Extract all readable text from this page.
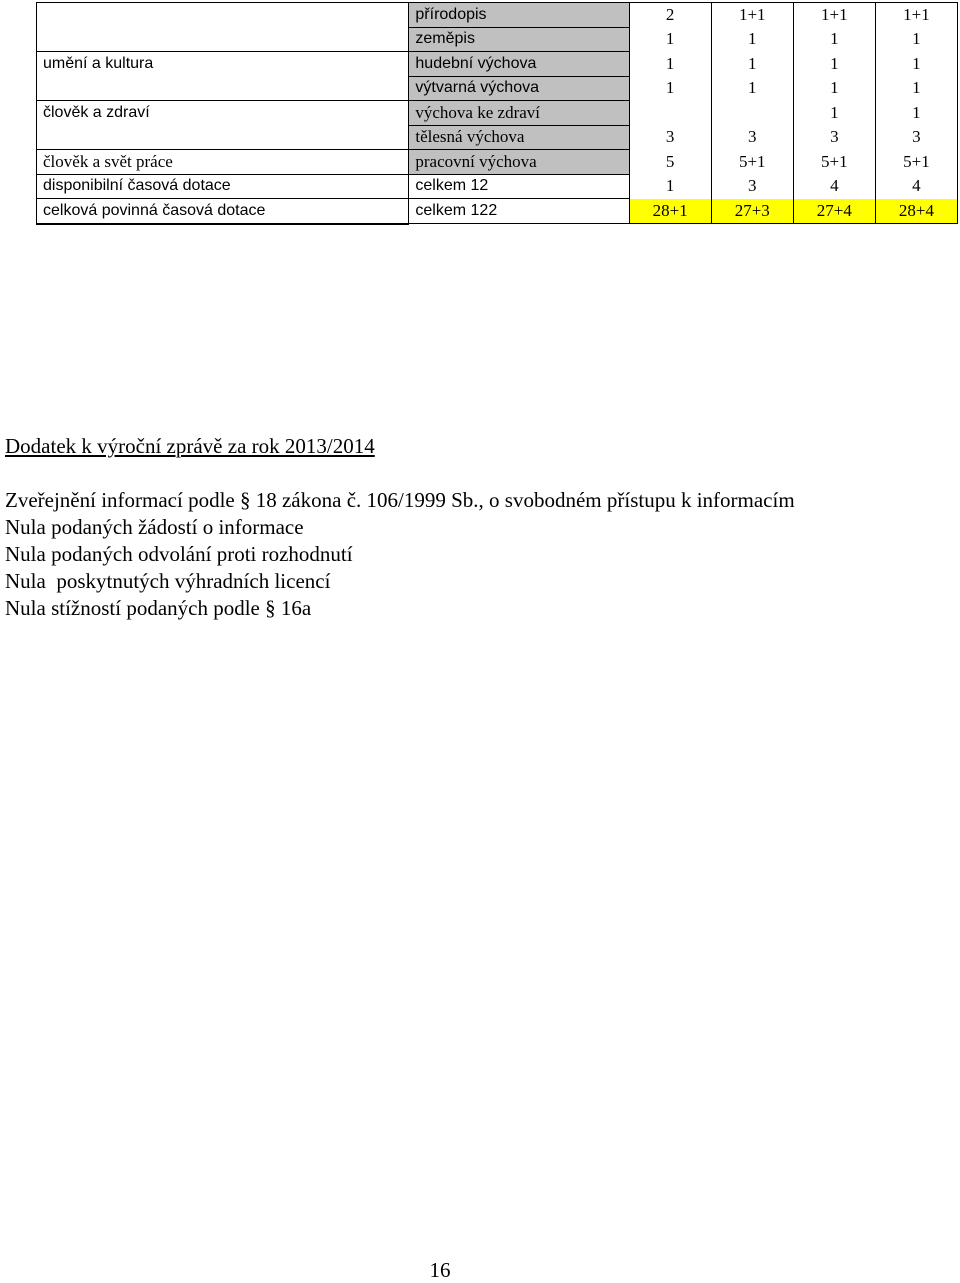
	přírodopis	2	1+1	1+1	1+1
	zeměpis	1	1	1	1
umění a kultura	hudební výchova	1	1	1	1
	výtvarná výchova	1	1	1	1
člověk a zdraví	výchova ke zdraví			1	1
	tělesná výchova	3	3	3	3
člověk a svět práce	pracovní výchova	5	5+1	5+1	5+1
disponibilní časová dotace	celkem 12	1	3	4	4
celková povinná časová dotace	celkem 122	28+1	27+3	27+4	28+4

Dodatek k výroční zprávě za rok 2013/2014

Zveřejnění informací podle § 18 zákona č. 106/1999 Sb., o svobodném přístupu k informacím

Nula podaných žádostí o informace

Nula podaných odvolání proti rozhodnutí

Nula  poskytnutých výhradních licencí

Nula stížností podaných podle § 16a

16
